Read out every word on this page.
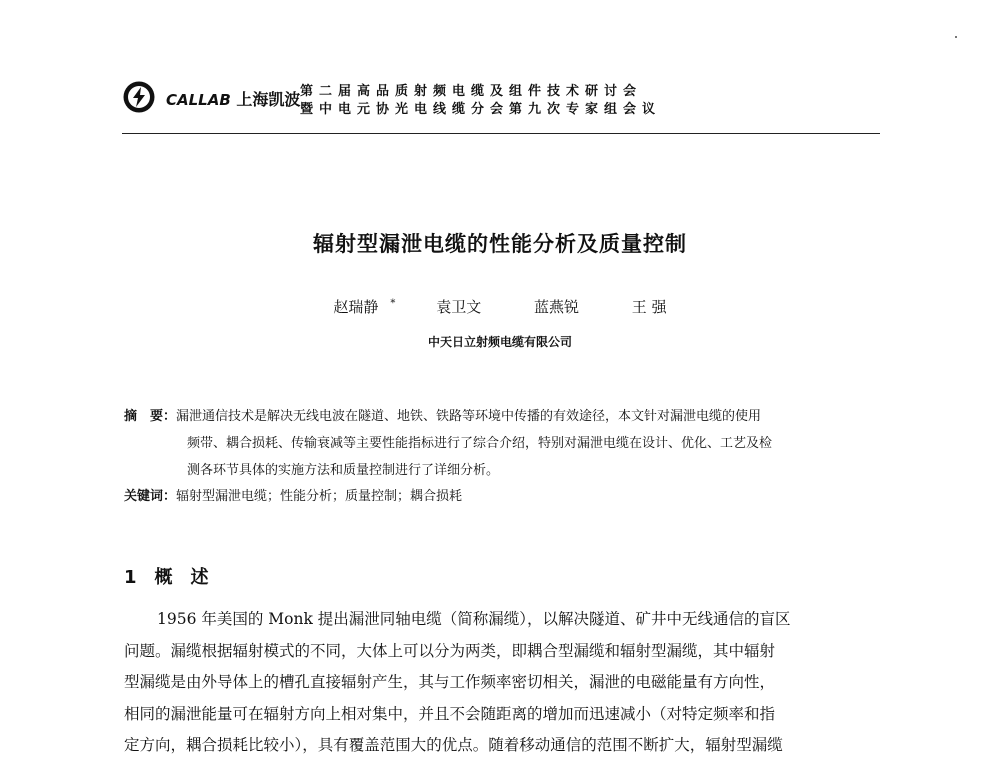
CALLAB 上海凯波 第二届高品质射频电缆及组件技术研讨会
暨中电元协光电线缆分会第九次专家组会议
辐射型漏泄电缆的性能分析及质量控制
赵瑞静 *	袁卫文	蓝燕锐	王 强
中天日立射频电缆有限公司
摘　要：漏泄通信技术是解决无线电波在隧道、地铁、铁路等环境中传播的有效途径，本文针对漏泄电缆的使用
频带、耦合损耗、传输衰减等主要性能指标进行了综合介绍，特别对漏泄电缆在设计、优化、工艺及检
测各环节具体的实施方法和质量控制进行了详细分析。
关键词：辐射型漏泄电缆；性能分析；质量控制；耦合损耗
1 概　述
1956 年美国的 Monk 提出漏泄同轴电缆（简称漏缆），以解决隧道、矿井中无线通信的盲区
问题。漏缆根据辐射模式的不同，大体上可以分为两类，即耦合型漏缆和辐射型漏缆，其中辐射
型漏缆是由外导体上的槽孔直接辐射产生，其与工作频率密切相关，漏泄的电磁能量有方向性，
相同的漏泄能量可在辐射方向上相对集中，并且不会随距离的增加而迅速减小（对特定频率和指
定方向，耦合损耗比较小），具有覆盖范围大的优点。随着移动通信的范围不断扩大，辐射型漏缆
